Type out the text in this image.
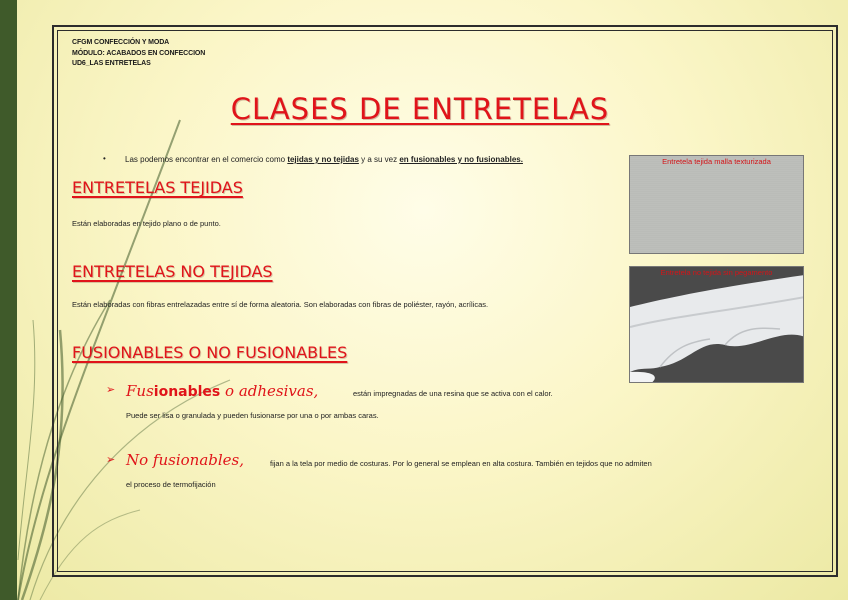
CFGM CONFECCIÓN Y MODA
MÓDULO: ACABADOS EN CONFECCION
UD6_LAS ENTRETELAS
CLASES DE ENTRETELAS
• Las podemos encontrar en el comercio como tejidas y no tejidas y a su vez en fusionables y no fusionables.
ENTRETELAS TEJIDAS
Están elaboradas en tejido plano o de punto.
ENTRETELAS NO TEJIDAS
Están elaboradas con fibras entrelazadas entre sí de forma aleatoria. Son elaboradas con fibras de poliéster, rayón, acrílicas.
FUSIONABLES O NO FUSIONABLES
➢ Fusionables o adhesivas,	están impregnadas de una resina que se activa con el calor.
Puede ser lisa o granulada y pueden fusionarse por una o por ambas caras.
➢ No fusionables,	fijan a la tela por medio de costuras. Por lo general se emplean en alta costura. También en tejidos que no admiten
el proceso de termofijación
Entretela tejida malla texturizada
Entretela no tejida sin pegamento
